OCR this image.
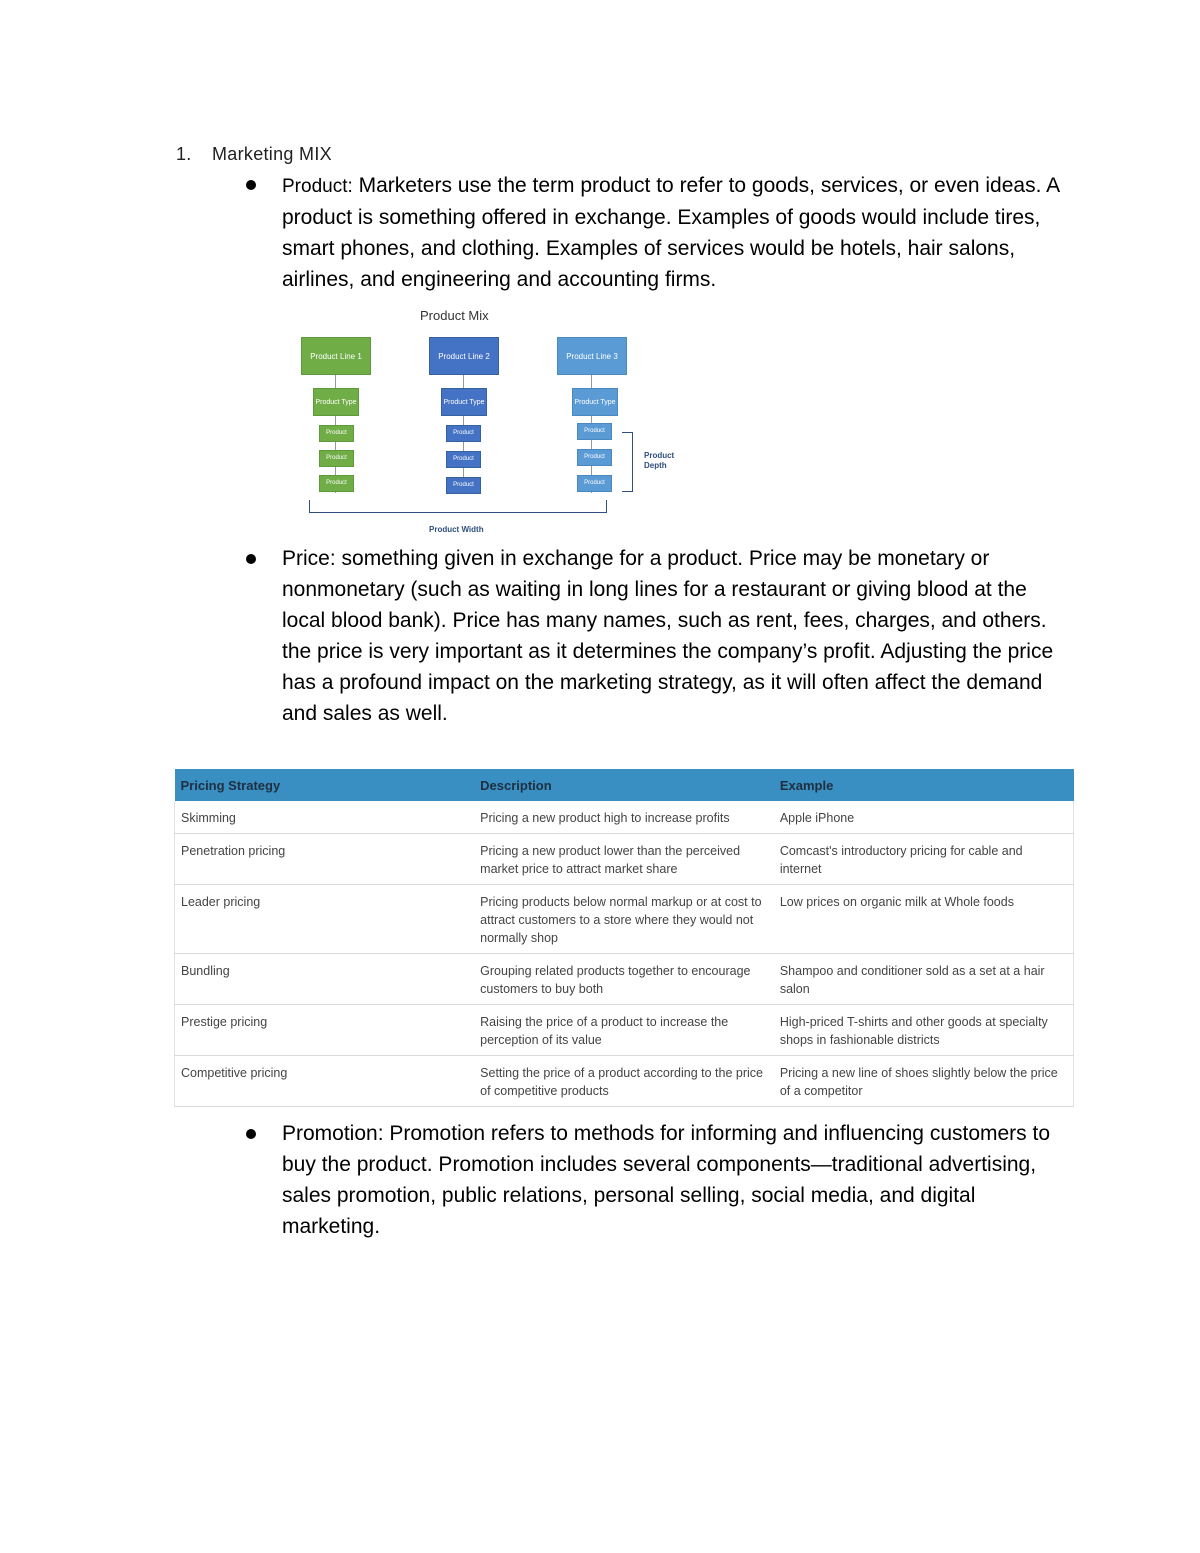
1. Marketing MIX
Product: Marketers use the term product to refer to goods, services, or even ideas. A product is something offered in exchange. Examples of goods would include tires, smart phones, and clothing. Examples of services would be hotels, hair salons, airlines, and engineering and accounting firms.
Product Mix
Product Line 1
Product Type
Product
Product
Product
Product Line 2
Product Type
Product
Product
Product
Product Line 3
Product Type
Product
Product
Product
Product Depth
Product Width
Price: something given in exchange for a product. Price may be monetary or nonmonetary (such as waiting in long lines for a restaurant or giving blood at the local blood bank). Price has many names, such as rent, fees, charges, and others. the price is very important as it determines the company’s profit. Adjusting the price has a profound impact on the marketing strategy, as it will often affect the demand and sales as well.
Pricing Strategy	Description	Example
Skimming	Pricing a new product high to increase profits	Apple iPhone
Penetration pricing	Pricing a new product lower than the perceived market price to attract market share	Comcast's introductory pricing for cable and internet
Leader pricing	Pricing products below normal markup or at cost to attract customers to a store where they would not normally shop	Low prices on organic milk at Whole foods
Bundling	Grouping related products together to encourage customers to buy both	Shampoo and conditioner sold as a set at a hair salon
Prestige pricing	Raising the price of a product to increase the perception of its value	High-priced T-shirts and other goods at specialty shops in fashionable districts
Competitive pricing	Setting the price of a product according to the price of competitive products	Pricing a new line of shoes slightly below the price of a competitor
Promotion: Promotion refers to methods for informing and influencing customers to buy the product. Promotion includes several components—traditional advertising, sales promotion, public relations, personal selling, social media, and digital marketing.
